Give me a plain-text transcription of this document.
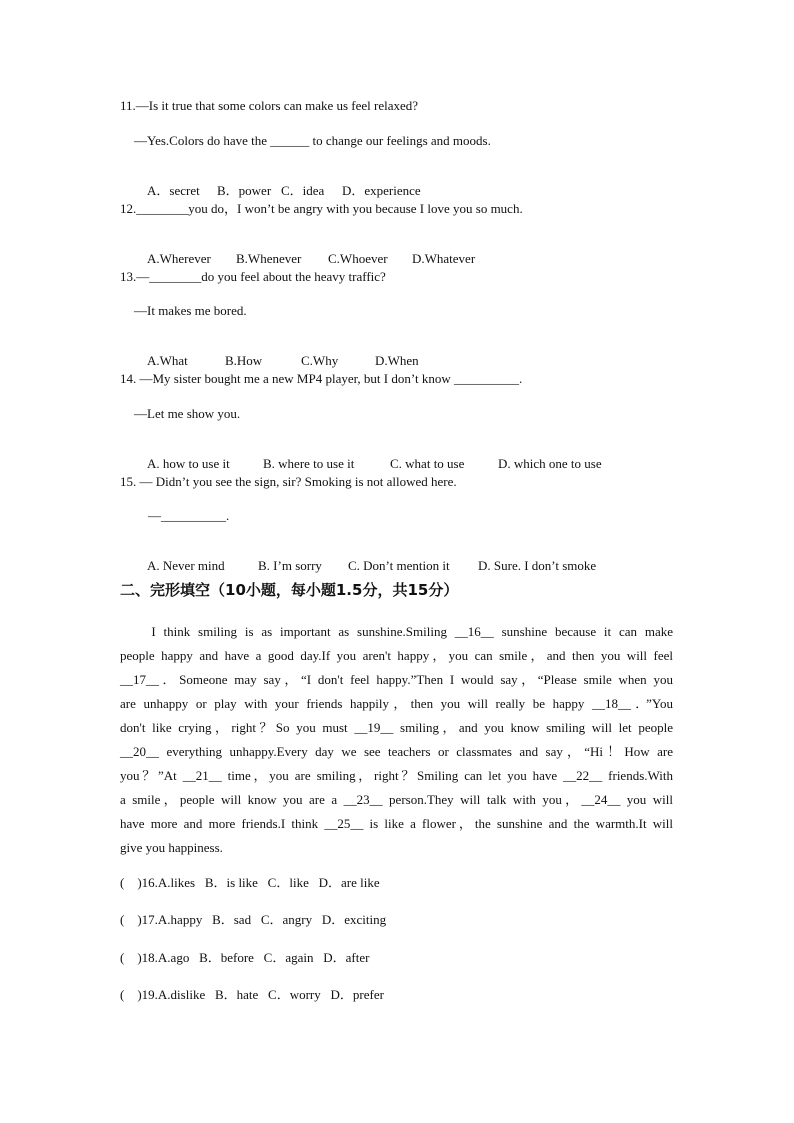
11.—Is it true that some colors can make us feel relaxed?
—Yes.Colors do have the ______ to change our feelings and moods.

A．secret B．power C．idea D．experience

12.________you do，I won’t be angry with you because I love you so much.

A.Wherever B.Whenever C.Whoever D.Whatever

13.—________do you feel about the heavy traffic?
—It makes me bored.

A.What	B.How	C.Why	D.When

14. —My sister bought me a new MP4 player, but I don’t know __________.
—Let me show you.

A. how to use it	B. where to use it	C. what to use	D. which one to use

15. — Didn’t you see the sign, sir? Smoking is not allowed here.
—__________.

A. Never mind	B. I’m sorry C. Don’t mention it D. Sure. I don’t smoke

二、完形填空（10小题，每小题1.5分，共15分）
I think smiling is as important as sunshine.Smiling __16__ sunshine because it can make
people happy and have a good day.If you aren't happy，you can smile，and then you will feel
__17__．Someone may say，“I don't feel happy.”Then I would say，“Please smile when you
are unhappy or play with your friends happily，then you will really be happy __18__．”You
don't like crying，right？So you must __19__ smiling，and you know smiling will let people
__20__ everything unhappy.Every day we see teachers or classmates and say，“Hi！How are
you？”At __21__ time，you are smiling，right？Smiling can let you have __22__ friends.With
a smile，people will know you are a __23__ person.They will talk with you，__24__ you will
have more and more friends.I think __25__ is like a flower，the sunshine and the warmth.It will
give you happiness.
(    )16.A.likes   B．is like   C．like   D．are like
(    )17.A.happy   B．sad   C．angry   D．exciting
(    )18.A.ago   B．before   C．again   D．after
(    )19.A.dislike   B．hate   C．worry   D．prefer
